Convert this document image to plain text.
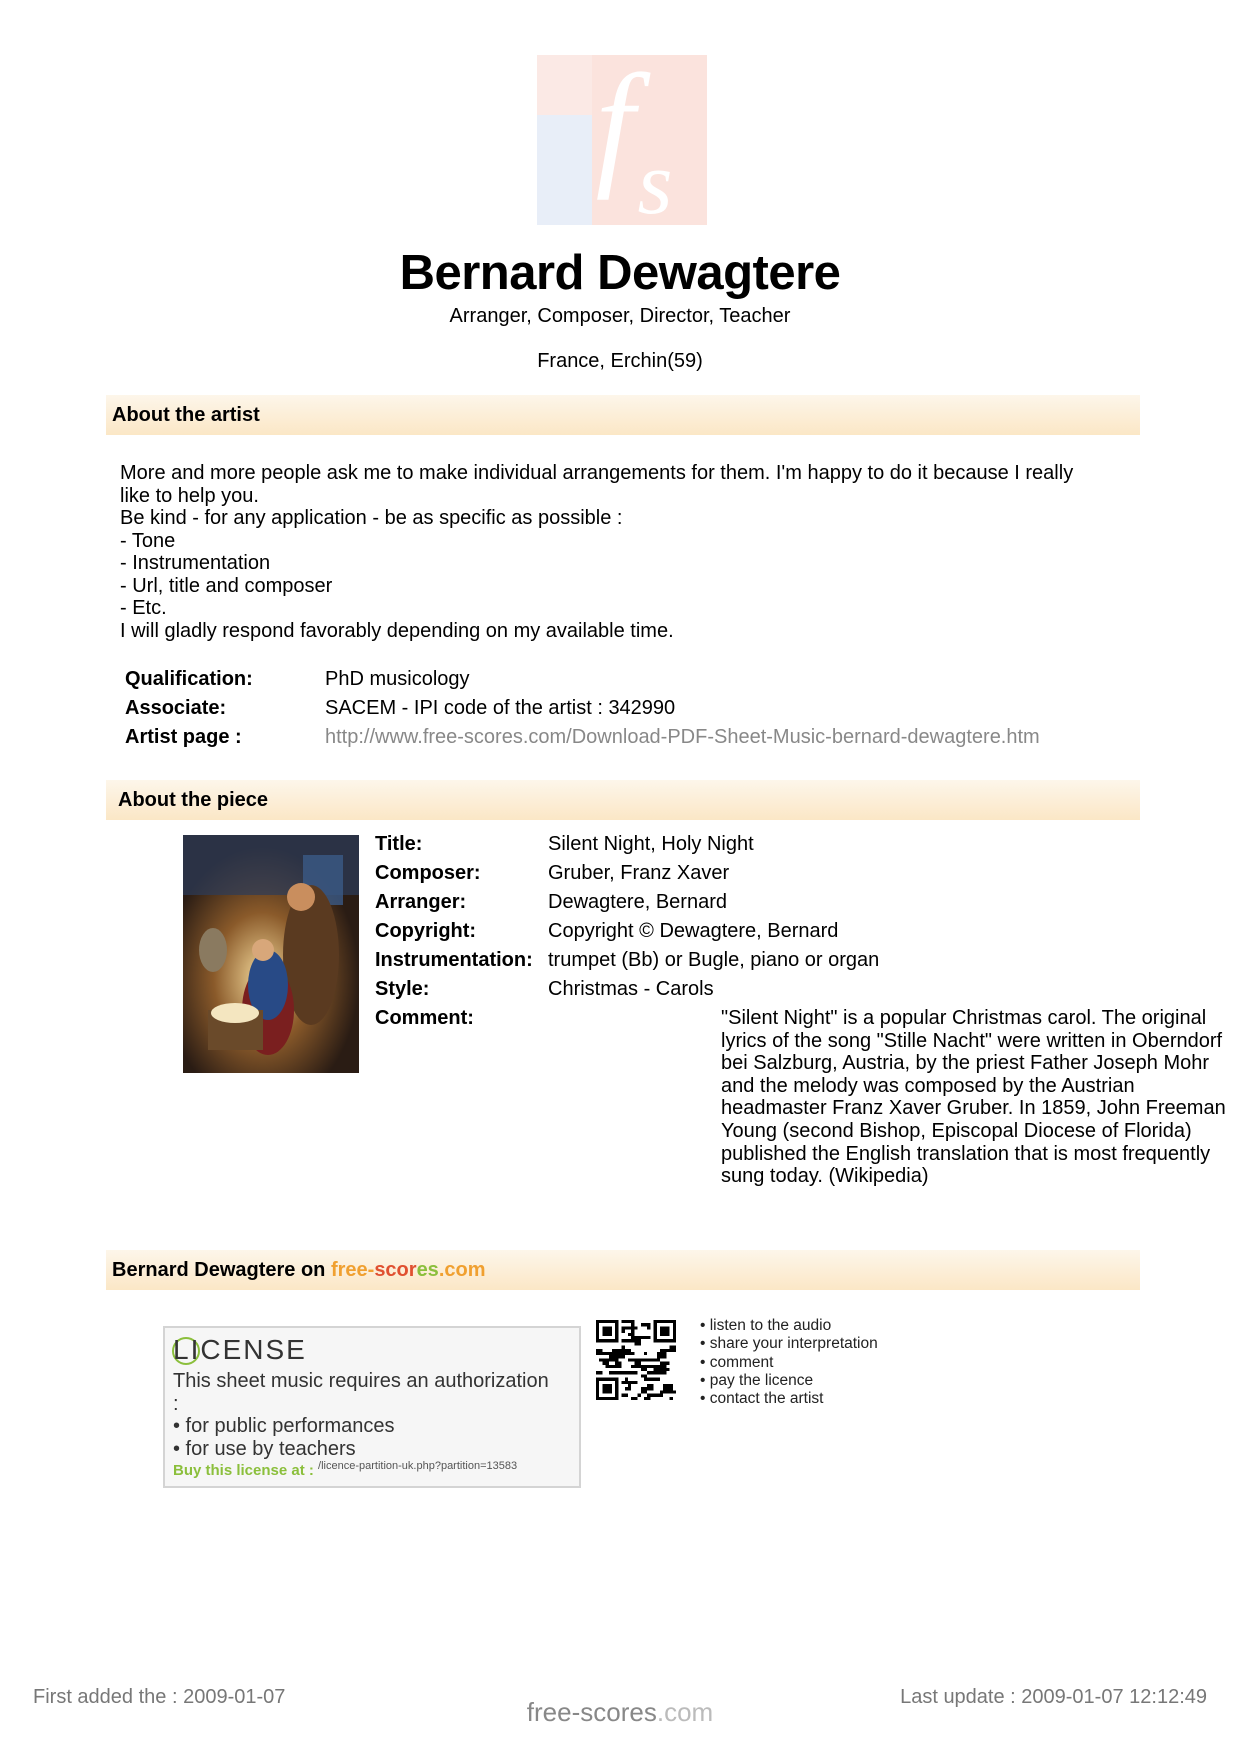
f s
Bernard Dewagtere
Arranger, Composer, Director, Teacher
France, Erchin(59)
About the artist
More and more people ask me to make individual arrangements for them. I'm happy to do it because I really
like to help you.
Be kind - for any application - be as specific as possible :
- Tone
- Instrumentation
- Url, title and composer
- Etc.
I will gladly respond favorably depending on my available time.
Qualification:	PhD musicology
Associate:	SACEM - IPI code of the artist : 342990
Artist page :	http://www.free-scores.com/Download-PDF-Sheet-Music-bernard-dewagtere.htm
About the piece
Title:	Silent Night, Holy Night
Composer:	Gruber, Franz Xaver
Arranger:	Dewagtere, Bernard
Copyright:	Copyright © Dewagtere, Bernard
Instrumentation: trumpet (Bb) or Bugle, piano or organ
Style:	Christmas - Carols
Comment:	"Silent Night" is a popular Christmas carol. The original lyrics of the song "Stille Nacht" were written in Oberndorf bei Salzburg, Austria, by the priest Father Joseph Mohr and the melody was composed by the Austrian headmaster Franz Xaver Gruber. In 1859, John Freeman Young (second Bishop, Episcopal Diocese of Florida) published the English translation that is most frequently sung today. (Wikipedia)
Bernard Dewagtere on free-scores.com
LICENSE
This sheet music requires an authorization
:
• for public performances
• for use by teachers
Buy this license at : $^{/licence-partition-uk.php?partition=13583}$
• listen to the audio
• share your interpretation
• comment
• pay the licence
• contact the artist
First added the : 2009-01-07	Last update : 2009-01-07 12:12:49
free-scores.com
